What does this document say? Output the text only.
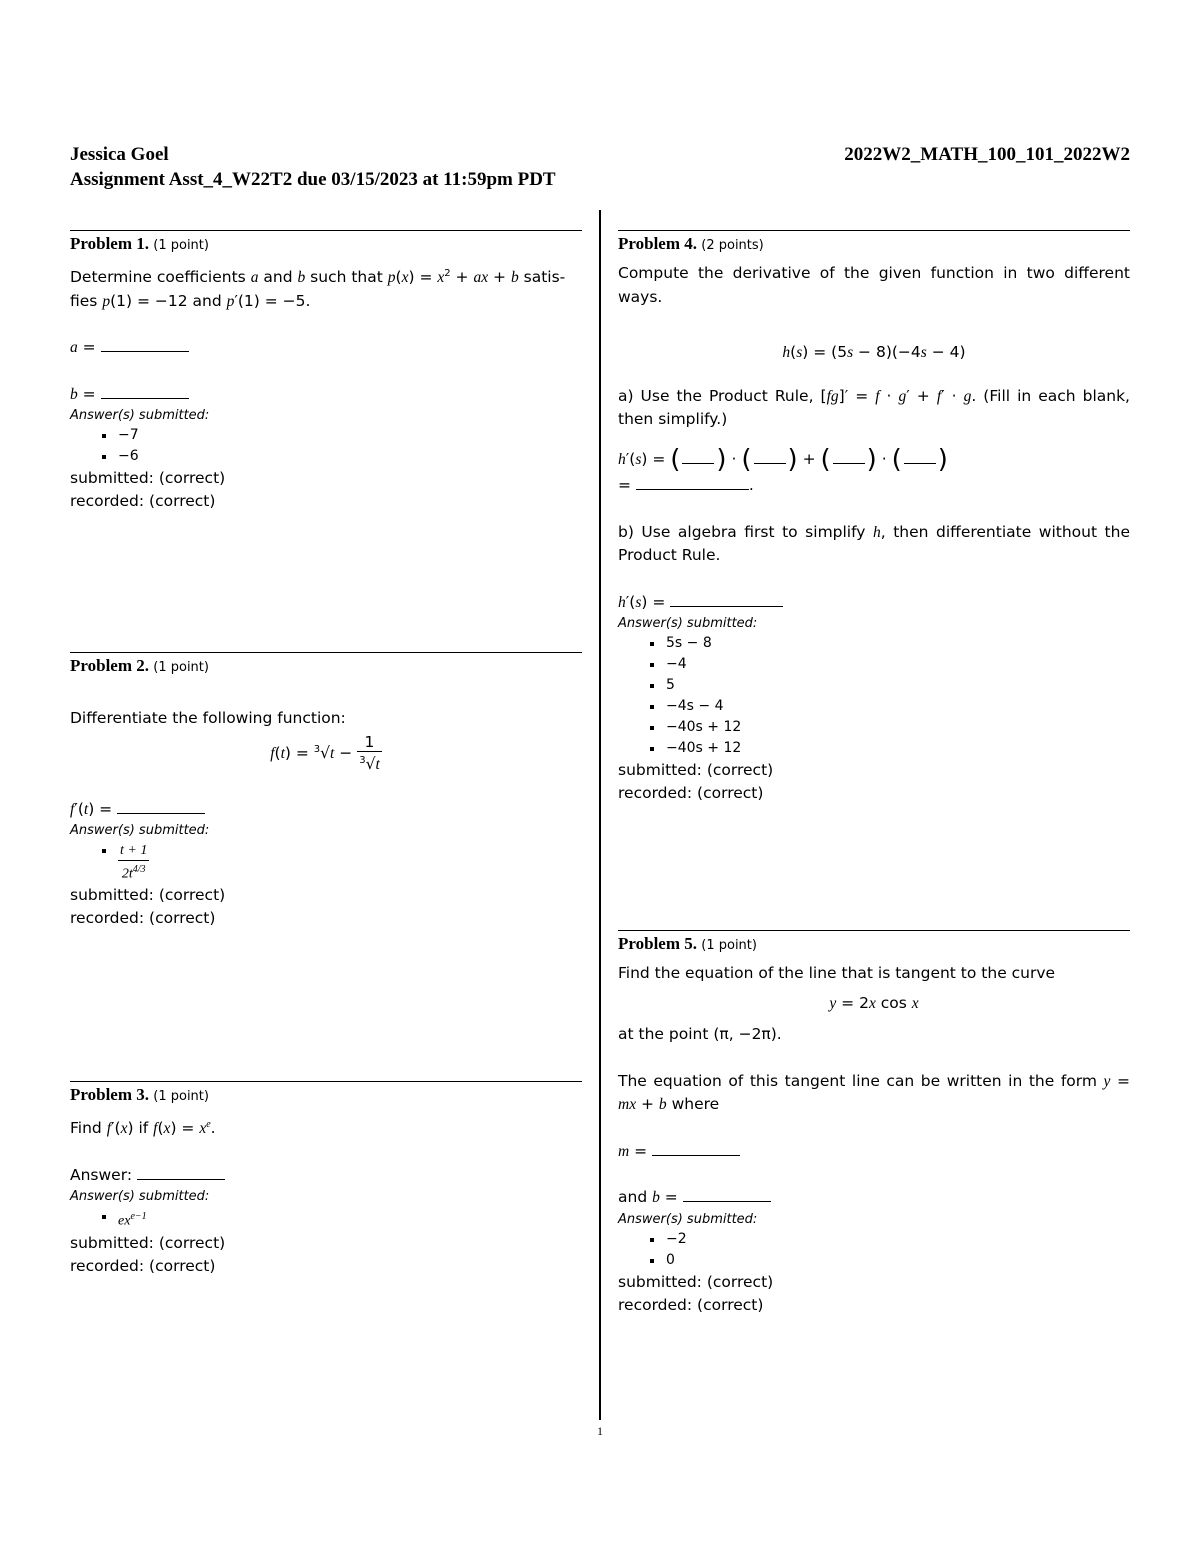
Jessica Goel
Assignment Asst_4_W22T2 due 03/15/2023 at 11:59pm PDT
2022W2_MATH_100_101_2022W2
Problem 1. (1 point)

Determine coefficients a and b such that $p(x) = x^2$ + ax + b satis-

fies p(1) = −12 and p′(1) = −5.

a =
b =
Answer(s) submitted:
−7
−6

submitted: (correct)

recorded: (correct)

Problem 2. (1 point)
Differentiate the following function:
$f(t) = ^3√t - \frac{1}{^3√t}$
f′(t) =
Answer(s) submitted:
$\frac{t + 1}{2t^{4/3}}$

submitted: (correct)

recorded: (correct)

Problem 3. (1 point)
Find f′(x) if $f(x) = x^e$.
Answer:
Answer(s) submitted:
$ex^{e-1}$

submitted: (correct)

recorded: (correct)

Problem 4. (2 points)
Compute the derivative of the given function in two different ways.
h(s) = (5s − 8)(−4s − 4)
a) Use the Product Rule, [fg]′ = f · g′ + f′ · g. (Fill in each blank, then simplify.)
h′(s) = ( ) · ( ) + ( ) · ( )
=	.
b) Use algebra first to simplify h, then differentiate without the Product Rule.
h′(s) =
Answer(s) submitted:
5s − 8
−4
5
−4s − 4
−40s + 12
−40s + 12

submitted: (correct)

recorded: (correct)

Problem 5. (1 point)
Find the equation of the line that is tangent to the curve
y = 2x cos x
at the point (π, −2π).
The equation of this tangent line can be written in the form y = mx + b where
m =
and b =
Answer(s) submitted:
−2
0

submitted: (correct)

recorded: (correct)

1
